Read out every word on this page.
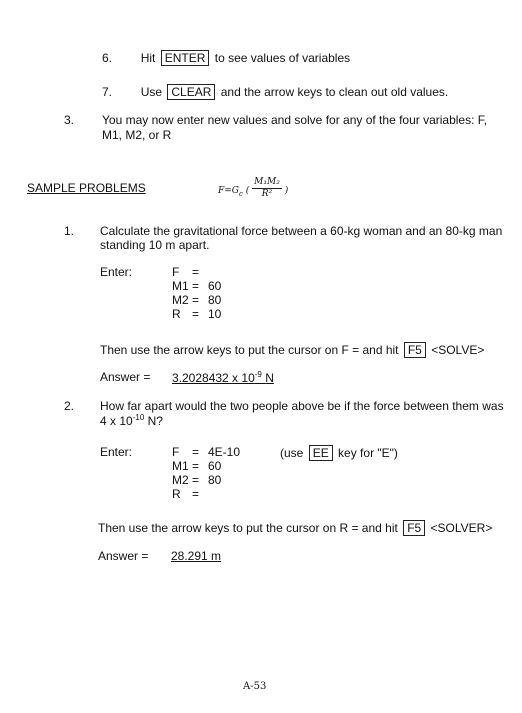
6. Hit ENTER to see values of variables
7. Use CLEAR and the arrow keys to clean out old values.
3. You may now enter new values and solve for any of the four variables: F,
M1, M2, or R
SAMPLE PROBLEMS	$F=G_c$ ( $\frac{\text{M₁M₂}}{\text{R²}}$ )
1. Calculate the gravitational force between a 60-kg woman and an 80-kg man
standing 10 m apart.
Enter:	F	=	
M1	=	60
M2	=	80
R	=	10
Then use the arrow keys to put the cursor on F = and hit F5 <SOLVE>
Answer = 3.2028432 x $10^{-9}$ N
2. How far apart would the two people above be if the force between them was
4 x $10^{-10}$ N?
Enter:	F	=	4E-10
M1	=	60
M2	=	80
R	=	
(use EE key for "E")
Then use the arrow keys to put the cursor on R = and hit F5 <SOLVER>
Answer = 28.291 m
A-53
